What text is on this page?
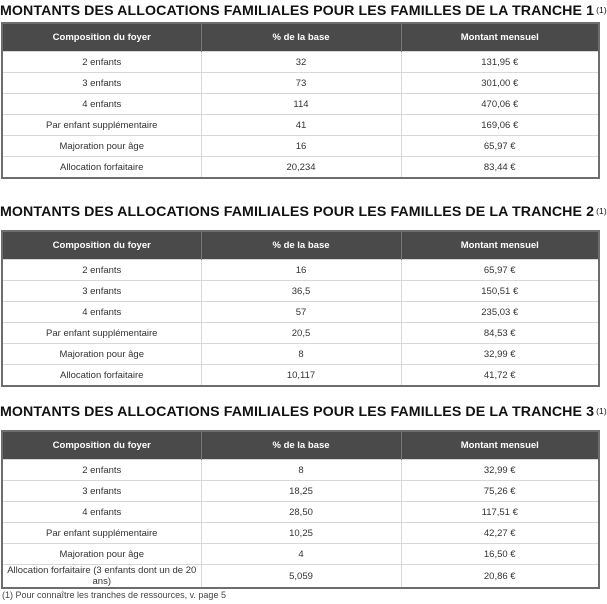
MONTANTS DES ALLOCATIONS FAMILIALES POUR LES FAMILLES DE LA TRANCHE 1 $^{(1)}$
Composition du foyer	% de la base	Montant mensuel
2 enfants	32	131,95 €
3 enfants	73	301,00 €
4 enfants	114	470,06 €
Par enfant supplémentaire	41	169,06 €
Majoration pour âge	16	65,97 €
Allocation forfaitaire	20,234	83,44 €
MONTANTS DES ALLOCATIONS FAMILIALES POUR LES FAMILLES DE LA TRANCHE 2 $^{(1)}$
Composition du foyer	% de la base	Montant mensuel
2 enfants	16	65,97 €
3 enfants	36,5	150,51 €
4 enfants	57	235,03 €
Par enfant supplémentaire	20,5	84,53 €
Majoration pour âge	8	32,99 €
Allocation forfaitaire	10,117	41,72 €
MONTANTS DES ALLOCATIONS FAMILIALES POUR LES FAMILLES DE LA TRANCHE 3 $^{(1)}$
Composition du foyer	% de la base	Montant mensuel
2 enfants	8	32,99 €
3 enfants	18,25	75,26 €
4 enfants	28,50	117,51 €
Par enfant supplémentaire	10,25	42,27 €
Majoration pour âge	4	16,50 €
Allocation forfaitaire (3 enfants dont un de 20 ans)	5,059	20,86 €
(1) Pour connaître les tranches de ressources, v. page 5
